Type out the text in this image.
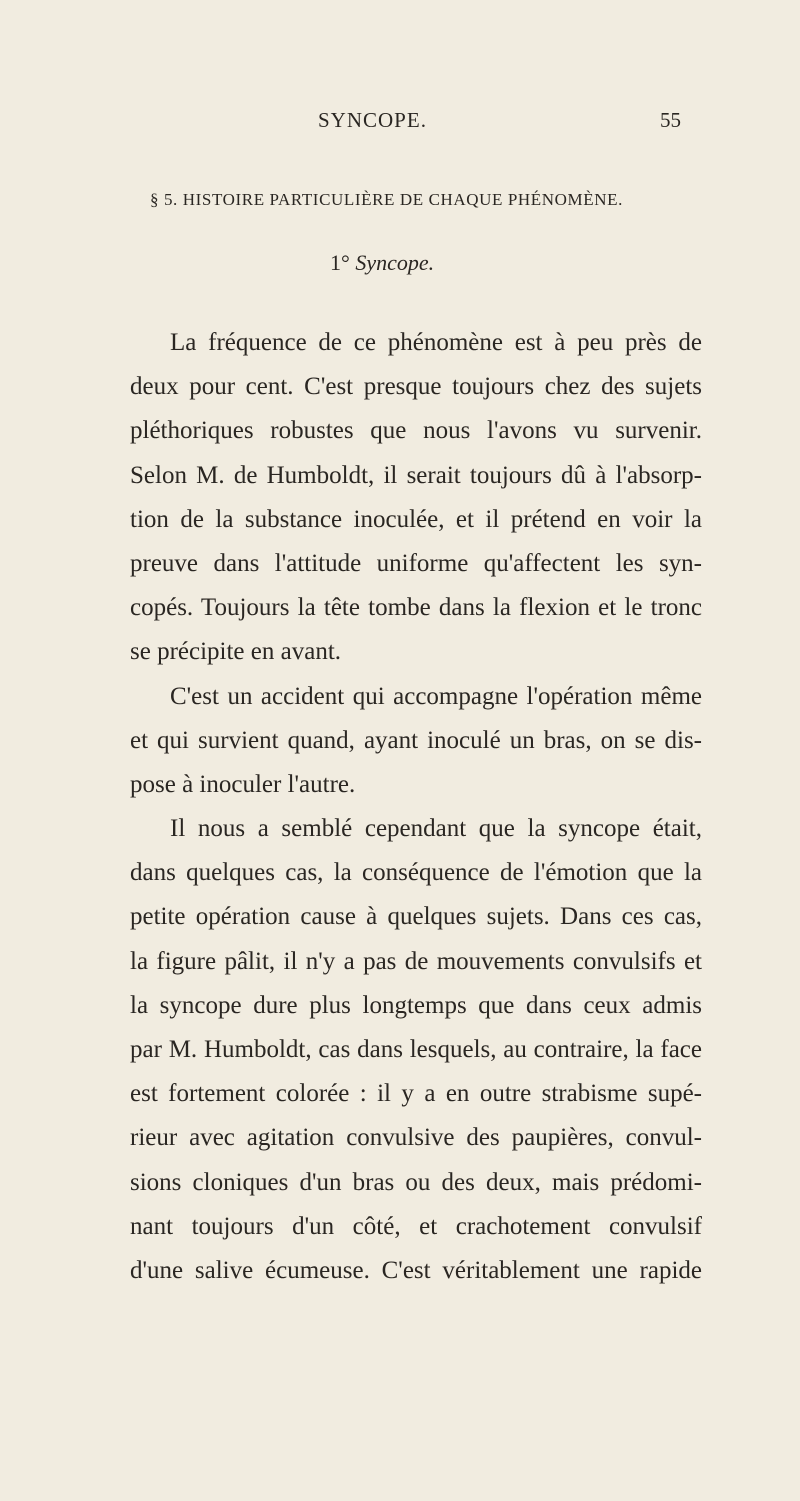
SYNCOPE.	55
§ 5. HISTOIRE PARTICULIÈRE DE CHAQUE PHÉNOMÈNE.
1° Syncope.
La fréquence de ce phénomène est à peu près de
deux pour cent. C'est presque toujours chez des sujets
pléthoriques robustes que nous l'avons vu survenir.
Selon M. de Humboldt, il serait toujours dû à l'absorp-
tion de la substance inoculée, et il prétend en voir la
preuve dans l'attitude uniforme qu'affectent les syn-
copés. Toujours la tête tombe dans la flexion et le tronc
se précipite en avant.
C'est un accident qui accompagne l'opération même
et qui survient quand, ayant inoculé un bras, on se dis-
pose à inoculer l'autre.
Il nous a semblé cependant que la syncope était,
dans quelques cas, la conséquence de l'émotion que la
petite opération cause à quelques sujets. Dans ces cas,
la figure pâlit, il n'y a pas de mouvements convulsifs et
la syncope dure plus longtemps que dans ceux admis
par M. Humboldt, cas dans lesquels, au contraire, la face
est fortement colorée : il y a en outre strabisme supé-
rieur avec agitation convulsive des paupières, convul-
sions cloniques d'un bras ou des deux, mais prédomi-
nant toujours d'un côté, et crachotement convulsif
d'une salive écumeuse. C'est véritablement une rapide
